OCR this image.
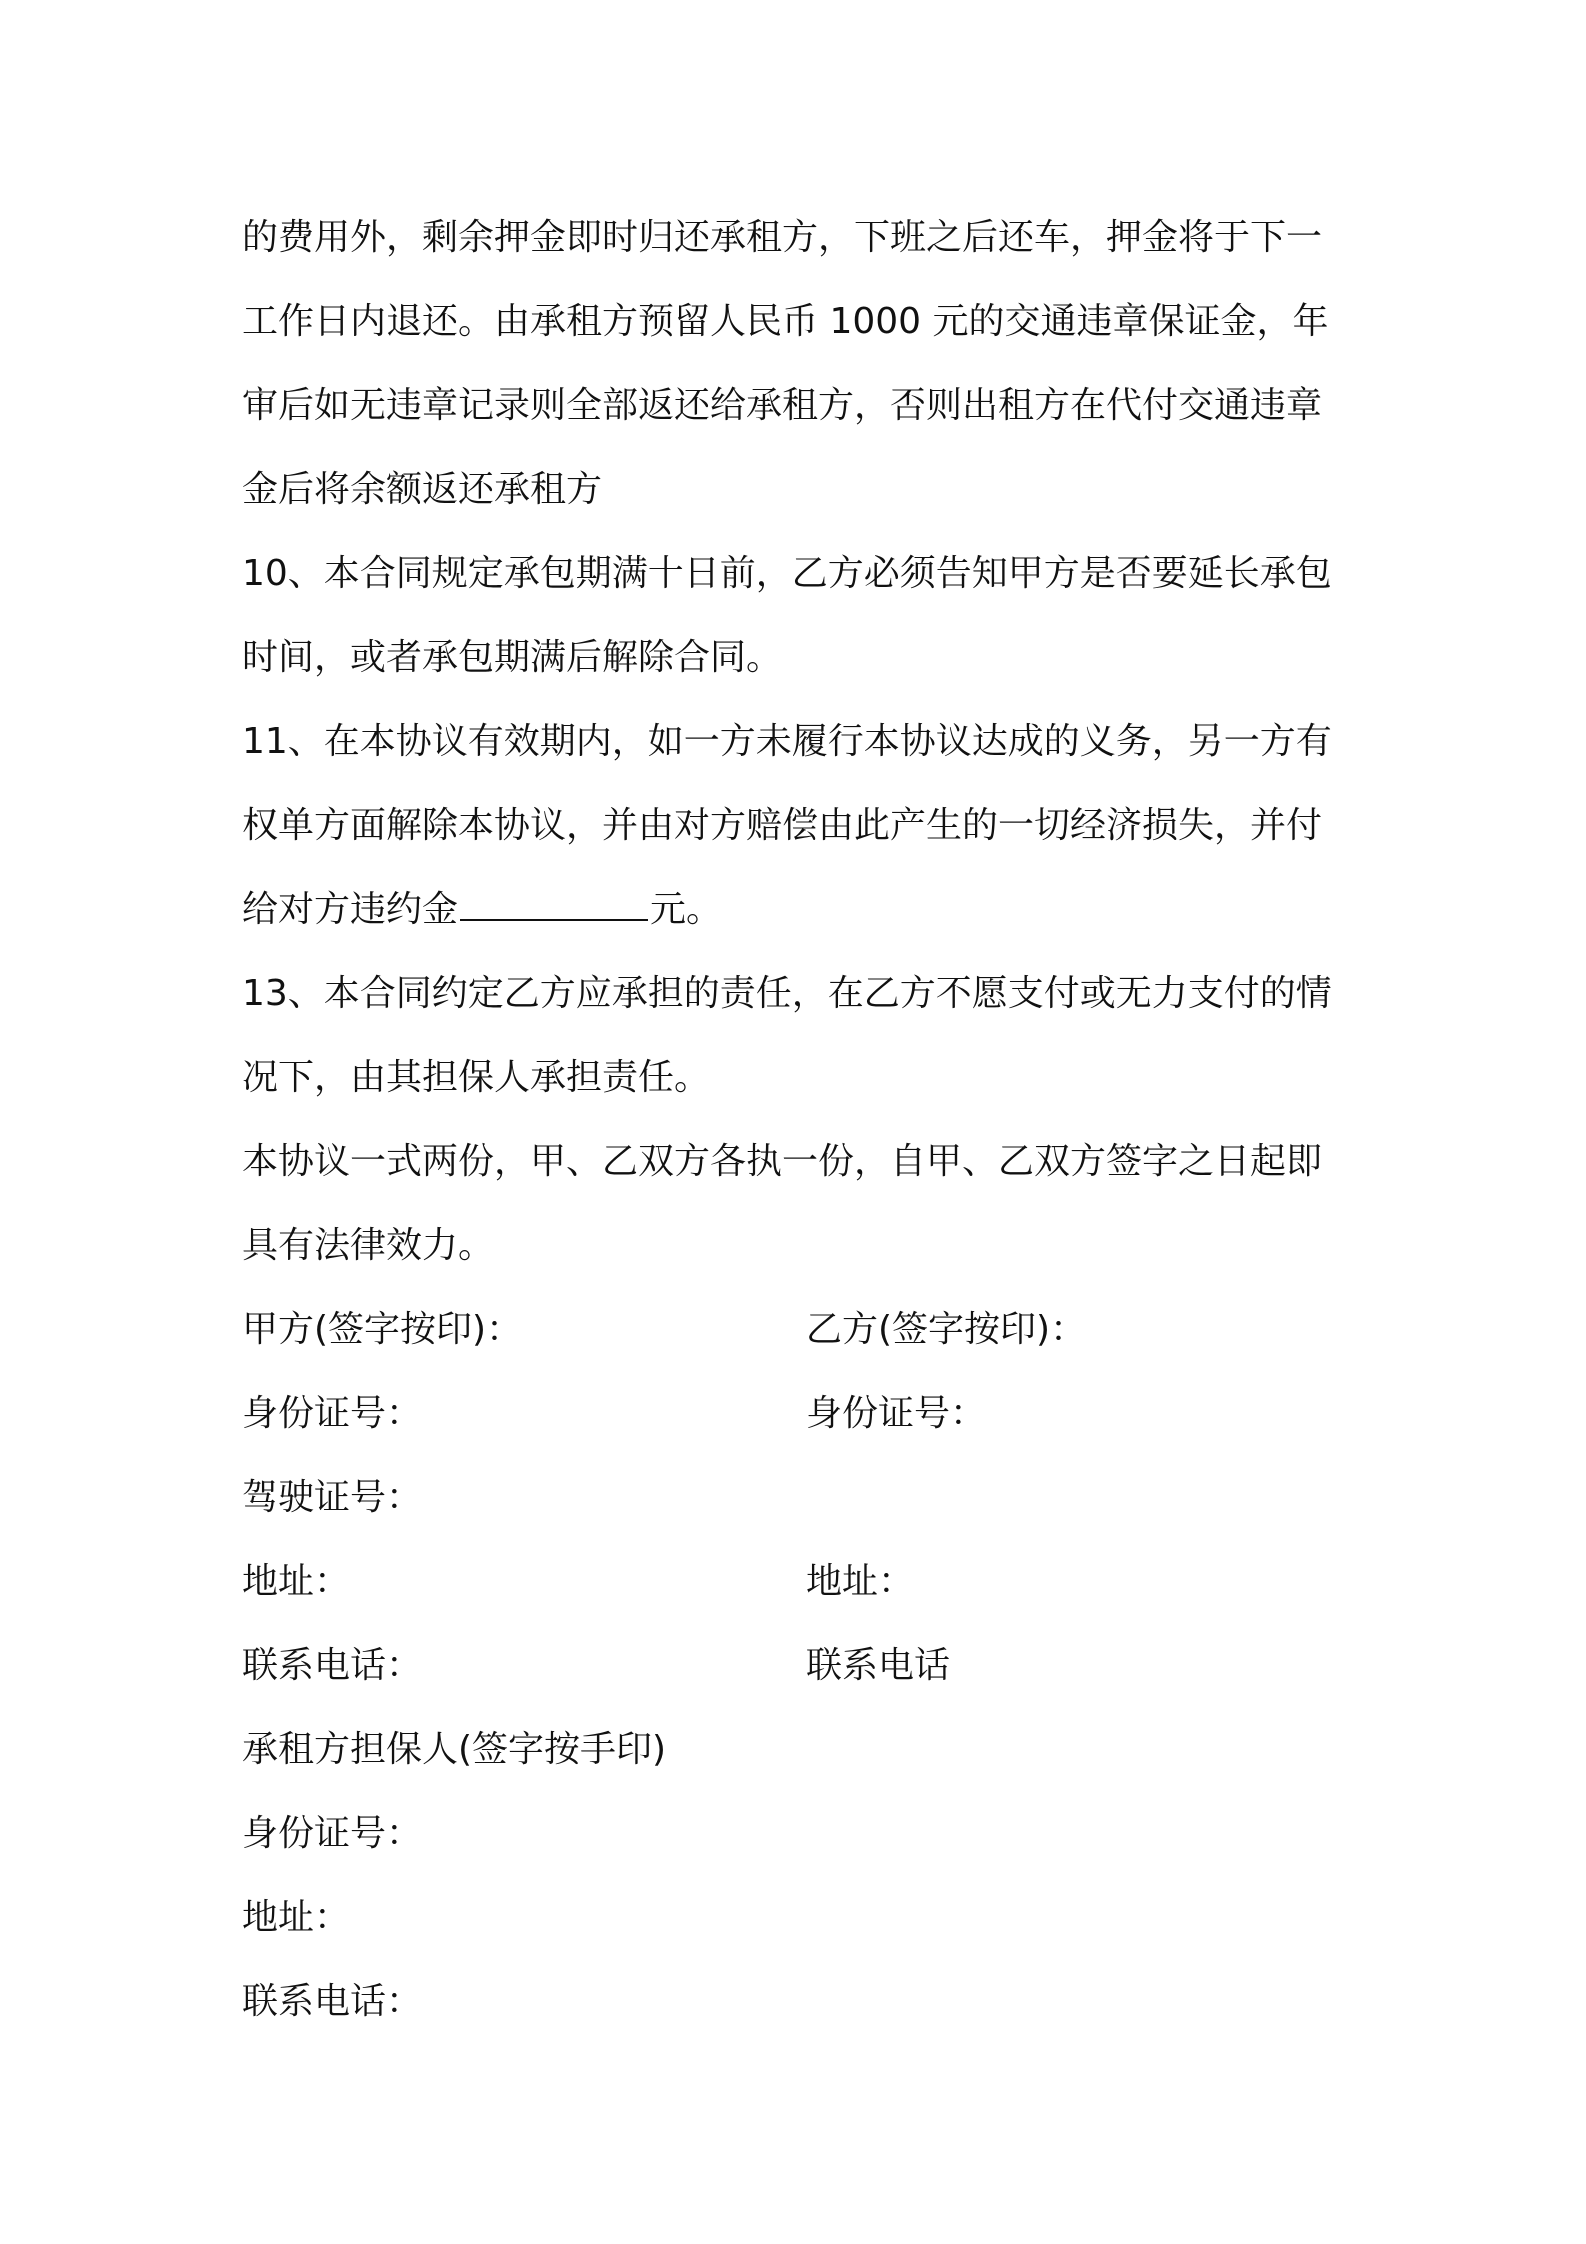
的费用外，剩余押金即时归还承租方，下班之后还车，押金将于下一
工作日内退还。由承租方预留人民币 1000 元的交通违章保证金，年
审后如无违章记录则全部返还给承租方，否则出租方在代付交通违章
金后将余额返还承租方
10、本合同规定承包期满十日前，乙方必须告知甲方是否要延长承包
时间，或者承包期满后解除合同。
11、在本协议有效期内，如一方未履行本协议达成的义务，另一方有
权单方面解除本协议，并由对方赔偿由此产生的一切经济损失，并付
给对方违约金	元。
13、本合同约定乙方应承担的责任，在乙方不愿支付或无力支付的情
况下，由其担保人承担责任。
本协议一式两份，甲、乙双方各执一份，自甲、乙双方签字之日起即
具有法律效力。
甲方(签字按印)：	乙方(签字按印)：
身份证号：	身份证号：
驾驶证号：
地址：	地址：
联系电话：	联系电话
承租方担保人(签字按手印)
身份证号：
地址：
联系电话：
